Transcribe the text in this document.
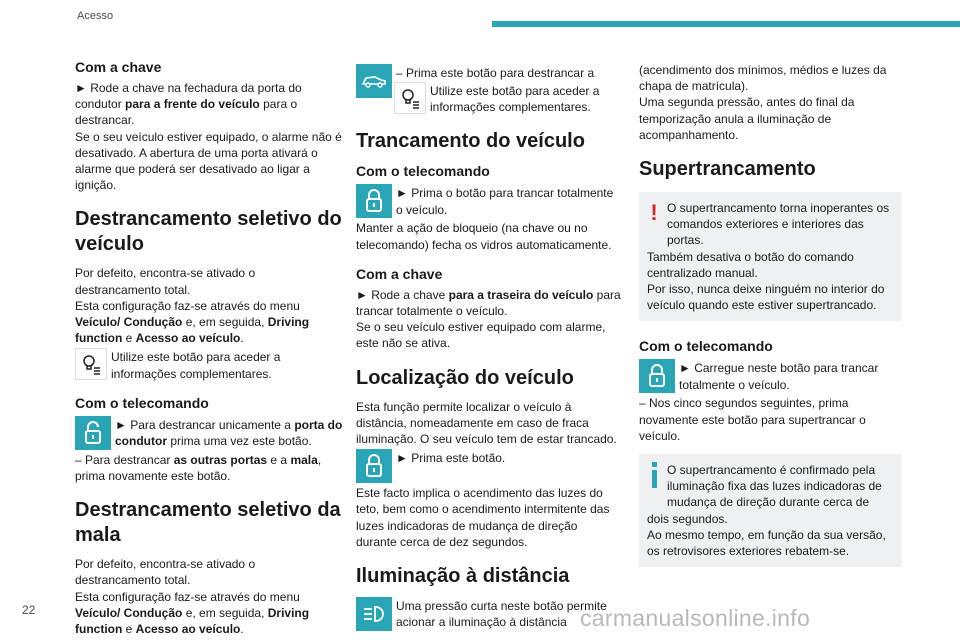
Acesso
Com a chave

► Rode a chave na fechadura da porta do condutor para a frente do veículo para o destrancar.

Se o seu veículo estiver equipado, o alarme não é desativado. A abertura de uma porta ativará o alarme que poderá ser desativado ao ligar a ignição.

Destrancamento seletivo do veículo

Por defeito, encontra-se ativado o destrancamento total.

Esta configuração faz-se através do menu Veículo/ Condução e, em seguida, Driving function e Acesso ao veículo.

Utilize este botão para aceder a informações complementares.
Com o telecomando
► Para destrancar unicamente a porta do condutor prima uma vez este botão.

– Para destrancar as outras portas e a mala, prima novamente este botão.

Destrancamento seletivo da mala

Por defeito, encontra-se ativado o destrancamento total.

Esta configuração faz-se através do menu Veículo/ Condução e, em seguida, Driving function e Acesso ao veículo.

– Prima este botão para destrancar a
Utilize este botão para aceder a informações complementares.
Trancamento do veículo
Com o telecomando
► Prima o botão para trancar totalmente o veículo.

Manter a ação de bloqueio (na chave ou no telecomando) fecha os vidros automaticamente.

Com a chave

► Rode a chave para a traseira do veículo para trancar totalmente o veículo.

Se o seu veículo estiver equipado com alarme, este não se ativa.

Localização do veículo

Esta função permite localizar o veículo à distância, nomeadamente em caso de fraca iluminação. O seu veículo tem de estar trancado.

► Prima este botão.

Este facto implica o acendimento das luzes do teto, bem como o acendimento intermitente das luzes indicadoras de mudança de direção durante cerca de dez segundos.

Iluminação à distância
Uma pressão curta neste botão permite acionar a iluminação à distância

(acendimento dos mínimos, médios e luzes da chapa de matrícula).

Uma segunda pressão, antes do final da temporização anula a iluminação de acompanhamento.

Supertrancamento
! O supertrancamento torna inoperantes os comandos exteriores e interiores das portas.

Também desativa o botão do comando centralizado manual.

Por isso, nunca deixe ninguém no interior do veículo quando este estiver supertrancado.

Com o telecomando
► Carregue neste botão para trancar totalmente o veículo.

– Nos cinco segundos seguintes, prima novamente este botão para supertrancar o veículo.

O supertrancamento é confirmado pela iluminação fixa das luzes indicadoras de mudança de direção durante cerca de dois segundos.

Ao mesmo tempo, em função da sua versão, os retrovisores exteriores rebatem-se.

22	carmanualsonline.info
